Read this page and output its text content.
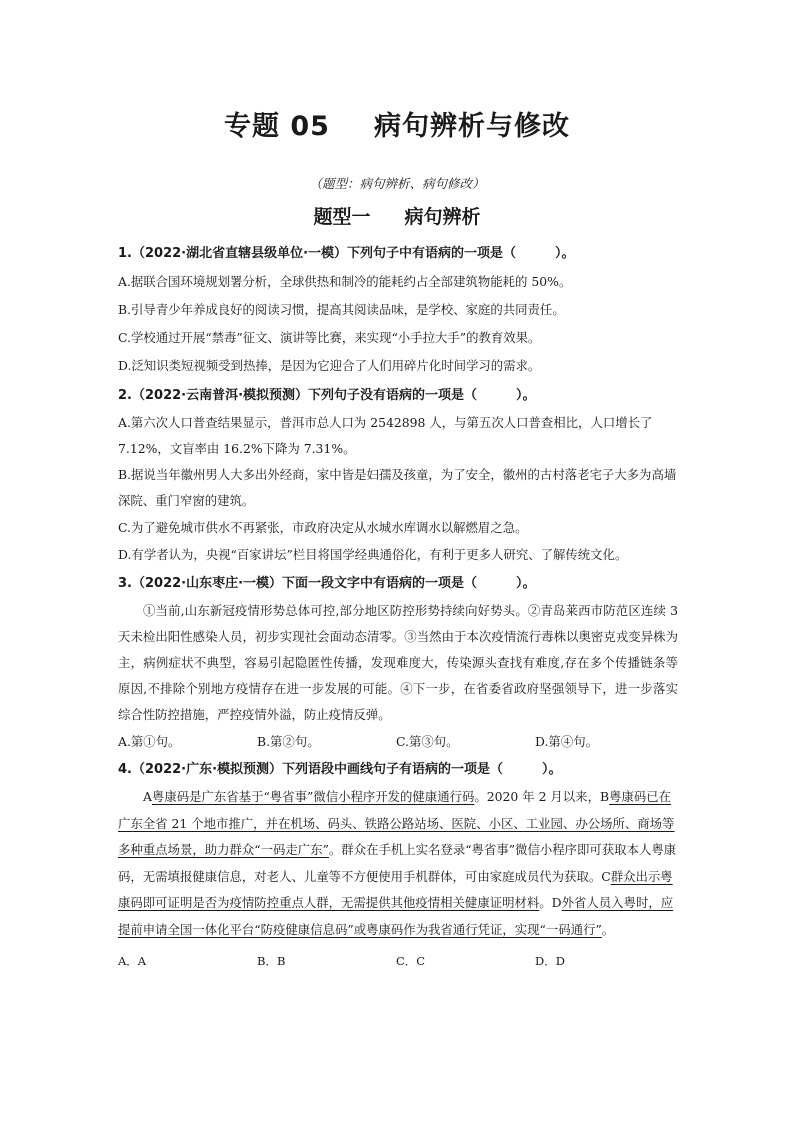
专题 05 病句辨析与修改
（题型：病句辨析、病句修改）
题型一 病句辨析
1.（2022·湖北省直辖县级单位·一模）下列句子中有语病的一项是（　　　）。
A.据联合国环境规划署分析，全球供热和制冷的能耗约占全部建筑物能耗的 50%。
B.引导青少年养成良好的阅读习惯，提高其阅读品味，是学校、家庭的共同责任。
C.学校通过开展“禁毒”征文、演讲等比赛，来实现“小手拉大手”的教育效果。
D.泛知识类短视频受到热捧，是因为它迎合了人们用碎片化时间学习的需求。
2.（2022·云南普洱·模拟预测）下列句子没有语病的一项是（　　　）。
A.第六次人口普查结果显示，普洱市总人口为 2542898 人，与第五次人口普查相比，人口增长了 7.12%，文盲率由 16.2%下降为 7.31%。
B.据说当年徽州男人大多出外经商，家中皆是妇孺及孩童，为了安全，徽州的古村落老宅子大多为高墙深院、重门窄窗的建筑。
C.为了避免城市供水不再紧张，市政府决定从水城水库调水以解燃眉之急。
D.有学者认为，央视“百家讲坛”栏目将国学经典通俗化，有利于更多人研究、了解传统文化。
3.（2022·山东枣庄·一模）下面一段文字中有语病的一项是（　　　）。
①当前,山东新冠疫情形势总体可控,部分地区防控形势持续向好势头。②青岛莱西市防范区连续 3天未检出阳性感染人员，初步实现社会面动态清零。③当然由于本次疫情流行毒株以奥密克戎变异株为主，病例症状不典型，容易引起隐匿性传播，发现难度大，传染源头查找有难度,存在多个传播链条等原因,不排除个别地方疫情存在进一步发展的可能。④下一步，在省委省政府坚强领导下，进一步落实综合性防控措施，严控疫情外溢，防止疫情反弹。
A.第①句。	B.第②句。	C.第③句。	D.第④句。
4.（2022·广东·模拟预测）下列语段中画线句子有语病的一项是（　　　）。
A粤康码是广东省基于“粤省事”微信小程序开发的健康通行码。2020 年 2 月以来，B粤康码已在广东全省 21 个地市推广，并在机场、码头、铁路公路站场、医院、小区、工业园、办公场所、商场等多种重点场景，助力群众“一码走广东”。群众在手机上实名登录“粤省事”微信小程序即可获取本人粤康码，无需填报健康信息，对老人、儿童等不方便使用手机群体，可由家庭成员代为获取。C群众出示粤康码即可证明是否为疫情防控重点人群，无需提供其他疫情相关健康证明材料。D外省人员入粤时，应提前申请全国一体化平台“防疫健康信息码”或粤康码作为我省通行凭证，实现“一码通行”。
A．A	B．B	C．C	D．D
